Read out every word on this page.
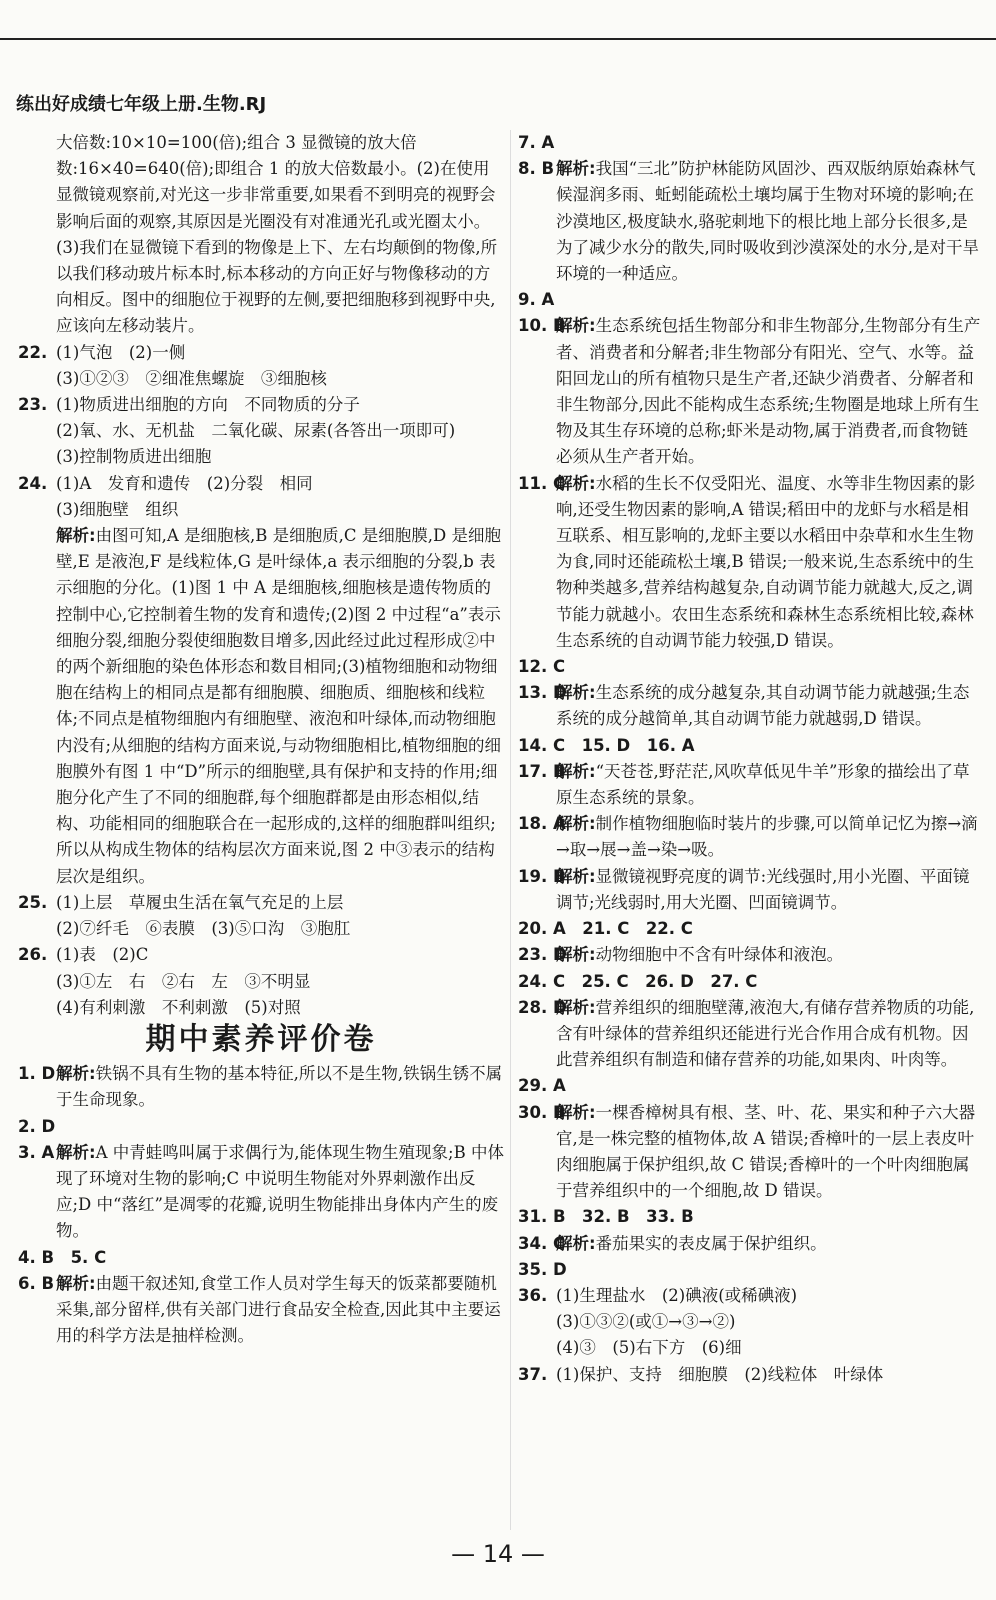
练出好成绩七年级上册.生物.RJ

大倍数:10×10=100(倍);组合 3 显微镜的放大倍数:16×40=640(倍);即组合 1 的放大倍数最小。(2)在使用显微镜观察前,对光这一步非常重要,如果看不到明亮的视野会影响后面的观察,其原因是光圈没有对准通光孔或光圈太小。(3)我们在显微镜下看到的物像是上下、左右均颠倒的物像,所以我们移动玻片标本时,标本移动的方向正好与物像移动的方向相反。图中的细胞位于视野的左侧,要把细胞移到视野中央,应该向左移动装片。

22. (1)气泡　(2)一侧

(3)①②③　②细准焦螺旋　③细胞核

23. (1)物质进出细胞的方向　不同物质的分子

(2)氧、水、无机盐　二氧化碳、尿素(各答出一项即可)

(3)控制物质进出细胞

24. (1)A　发育和遗传　(2)分裂　相同

(3)细胞壁　组织

解析:由图可知,A 是细胞核,B 是细胞质,C 是细胞膜,D 是细胞壁,E 是液泡,F 是线粒体,G 是叶绿体,a 表示细胞的分裂,b 表示细胞的分化。(1)图 1 中 A 是细胞核,细胞核是遗传物质的控制中心,它控制着生物的发育和遗传;(2)图 2 中过程“a”表示细胞分裂,细胞分裂使细胞数目增多,因此经过此过程形成②中的两个新细胞的染色体形态和数目相同;(3)植物细胞和动物细胞在结构上的相同点是都有细胞膜、细胞质、细胞核和线粒体;不同点是植物细胞内有细胞壁、液泡和叶绿体,而动物细胞内没有;从细胞的结构方面来说,与动物细胞相比,植物细胞的细胞膜外有图 1 中“D”所示的细胞壁,具有保护和支持的作用;细胞分化产生了不同的细胞群,每个细胞群都是由形态相似,结构、功能相同的细胞联合在一起形成的,这样的细胞群叫组织;所以从构成生物体的结构层次方面来说,图 2 中③表示的结构层次是组织。

25. (1)上层　草履虫生活在氧气充足的上层

(2)⑦纤毛　⑥表膜　(3)⑤口沟　③胞肛

26. (1)表　(2)C

(3)①左　右　②右　左　③不明显

(4)有利刺激　不利刺激　(5)对照

期中素养评价卷
1. D 解析:铁锅不具有生物的基本特征,所以不是生物,铁锅生锈不属于生命现象。

2. D

3. A 解析:A 中青蛙鸣叫属于求偶行为,能体现生物生殖现象;B 中体现了环境对生物的影响;C 中说明生物能对外界刺激作出反应;D 中“落红”是凋零的花瓣,说明生物能排出身体内产生的废物。

4. B　5. C

6. B 解析:由题干叙述知,食堂工作人员对学生每天的饭菜都要随机采集,部分留样,供有关部门进行食品安全检查,因此其中主要运用的科学方法是抽样检测。

7. A

8. B 解析:我国“三北”防护林能防风固沙、西双版纳原始森林气候湿润多雨、蚯蚓能疏松土壤均属于生物对环境的影响;在沙漠地区,极度缺水,骆驼刺地下的根比地上部分长很多,是为了减少水分的散失,同时吸收到沙漠深处的水分,是对干旱环境的一种适应。

9. A

10. B

解析:生态系统包括生物部分和非生物部分,生物部分有生产者、消费者和分解者;非生物部分有阳光、空气、水等。益阳回龙山的所有植物只是生产者,还缺少消费者、分解者和非生物部分,因此不能构成生态系统;生物圈是地球上所有生物及其生存环境的总称;虾米是动物,属于消费者,而食物链必须从生产者开始。

11. C

解析:水稻的生长不仅受阳光、温度、水等非生物因素的影响,还受生物因素的影响,A 错误;稻田中的龙虾与水稻是相互联系、相互影响的,龙虾主要以水稻田中杂草和水生生物为食,同时还能疏松土壤,B 错误;一般来说,生态系统中的生物种类越多,营养结构越复杂,自动调节能力就越大,反之,调节能力就越小。农田生态系统和森林生态系统相比较,森林生态系统的自动调节能力较强,D 错误。

12. C

13. D

解析:生态系统的成分越复杂,其自动调节能力就越强;生态系统的成分越简单,其自动调节能力就越弱,D 错误。

14. C　15. D　16. A

17. B

解析:“天苍苍,野茫茫,风吹草低见牛羊”形象的描绘出了草原生态系统的景象。

18. A

解析:制作植物细胞临时装片的步骤,可以简单记忆为擦→滴→取→展→盖→染→吸。

19. B

解析:显微镜视野亮度的调节:光线强时,用小光圈、平面镜调节;光线弱时,用大光圈、凹面镜调节。

20. A　21. C　22. C

23. D

解析:动物细胞中不含有叶绿体和液泡。

24. C　25. C　26. D　27. C

28. D

解析:营养组织的细胞壁薄,液泡大,有储存营养物质的功能,含有叶绿体的营养组织还能进行光合作用合成有机物。因此营养组织有制造和储存营养的功能,如果肉、叶肉等。

29. A

30. B

解析:一棵香樟树具有根、茎、叶、花、果实和种子六大器官,是一株完整的植物体,故 A 错误;香樟叶的一层上表皮叶肉细胞属于保护组织,故 C 错误;香樟叶的一个叶肉细胞属于营养组织中的一个细胞,故 D 错误。

31. B　32. B　33. B

34. C

解析:番茄果实的表皮属于保护组织。

35. D

36. (1)生理盐水　(2)碘液(或稀碘液)

(3)①③②(或①→③→②)

(4)③　(5)右下方　(6)细

37. (1)保护、支持　细胞膜　(2)线粒体　叶绿体

— 14 —
